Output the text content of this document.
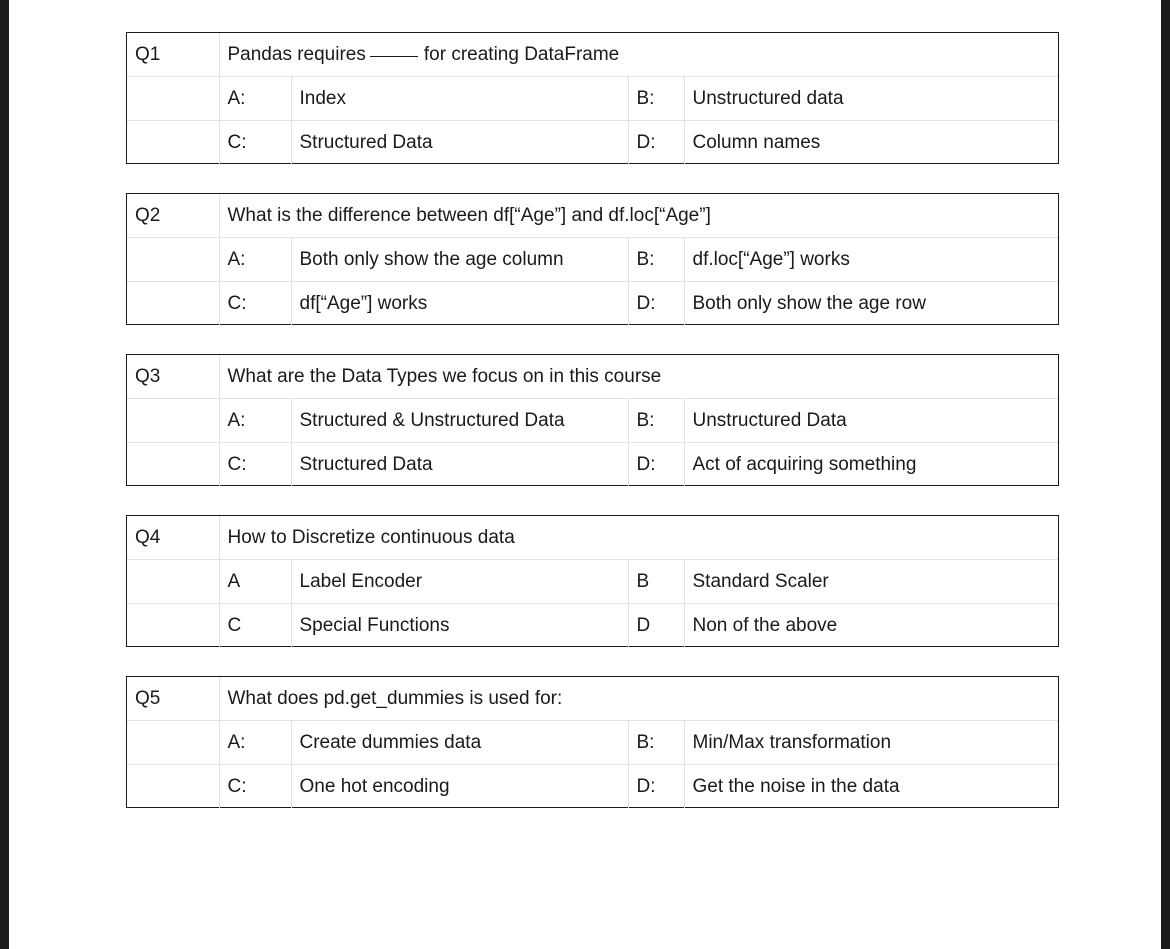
Q1	Pandas requires for creating DataFrame			
	A:	Index	B:	Unstructured data
	C:	Structured Data	D:	Column names
Q2	What is the difference between df[“Age”] and df.loc[“Age”]			
	A:	Both only show the age column	B:	df.loc[“Age”] works
	C:	df[“Age”] works	D:	Both only show the age row
Q3	What are the Data Types we focus on in this course			
	A:	Structured & Unstructured Data	B:	Unstructured Data
	C:	Structured Data	D:	Act of acquiring something
Q4	How to Discretize continuous data			
	A	Label Encoder	B	Standard Scaler
	C	Special Functions	D	Non of the above
Q5	What does pd.get_dummies is used for:			
	A:	Create dummies data	B:	Min/Max transformation
	C:	One hot encoding	D:	Get the noise in the data
